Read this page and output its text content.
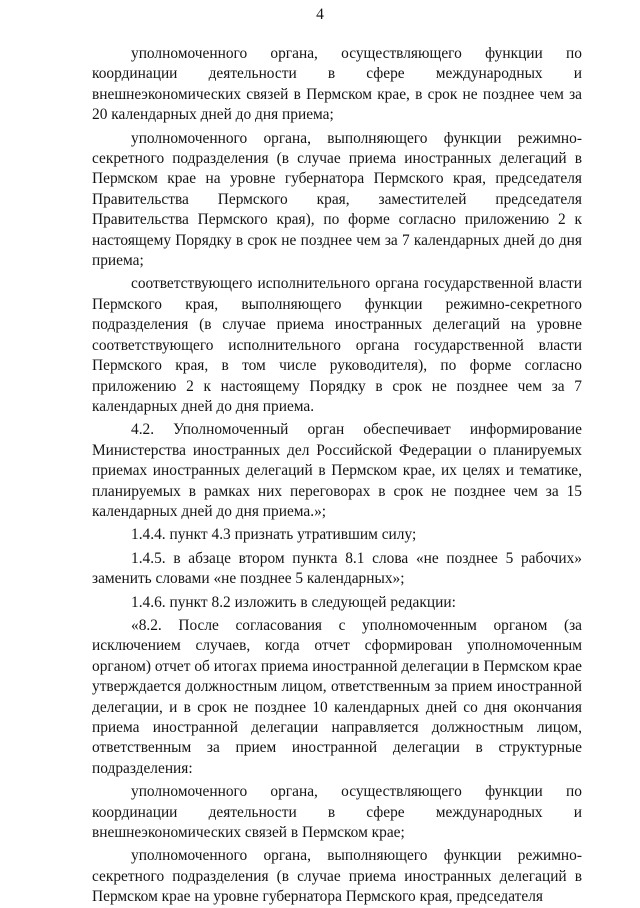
4

уполномоченного органа, осуществляющего функции по координации деятельности в сфере международных и внешнеэкономических связей в Пермском крае, в срок не позднее чем за 20 календарных дней до дня приема;

уполномоченного органа, выполняющего функции режимно-секретного подразделения (в случае приема иностранных делегаций в Пермском крае на уровне губернатора Пермского края, председателя Правительства Пермского края, заместителей председателя Правительства Пермского края), по форме согласно приложению 2 к настоящему Порядку в срок не позднее чем за 7 календарных дней до дня приема;

соответствующего исполнительного органа государственной власти Пермского края, выполняющего функции режимно-секретного подразделения (в случае приема иностранных делегаций на уровне соответствующего исполнительного органа государственной власти Пермского края, в том числе руководителя), по форме согласно приложению 2 к настоящему Порядку в срок не позднее чем за 7 календарных дней до дня приема.

4.2. Уполномоченный орган обеспечивает информирование Министерства иностранных дел Российской Федерации о планируемых приемах иностранных делегаций в Пермском крае, их целях и тематике, планируемых в рамках них переговорах в срок не позднее чем за 15 календарных дней до дня приема.»;

1.4.4. пункт 4.3 признать утратившим силу;

1.4.5. в абзаце втором пункта 8.1 слова «не позднее 5 рабочих» заменить словами «не позднее 5 календарных»;

1.4.6. пункт 8.2 изложить в следующей редакции:

«8.2. После согласования с уполномоченным органом (за исключением случаев, когда отчет сформирован уполномоченным органом) отчет об итогах приема иностранной делегации в Пермском крае утверждается должностным лицом, ответственным за прием иностранной делегации, и в срок не позднее 10 календарных дней со дня окончания приема иностранной делегации направляется должностным лицом, ответственным за прием иностранной делегации в структурные подразделения:

уполномоченного органа, осуществляющего функции по координации деятельности в сфере международных и внешнеэкономических связей в Пермском крае;

уполномоченного органа, выполняющего функции режимно-секретного подразделения (в случае приема иностранных делегаций в Пермском крае на уровне губернатора Пермского края, председателя
